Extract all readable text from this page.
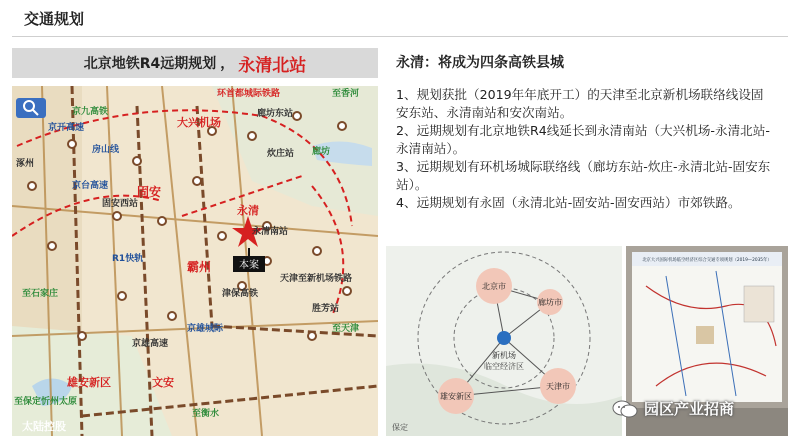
交通规划
北京地铁R4远期规划 ， 永清北站
本案
京九高铁
京开高速
京台高速
京雄城际
房山线
大兴机场
环首都城际铁路
廊坊东站
廊坊
炊庄站
永清
永清南站
固安
固安西站
R1快轨
霸州
津保高铁
天津至新机场铁路
胜芳站
至天津
雄安新区	文安
至石家庄
至保定忻州太原
至衡水
涿州
京雄高速
至香河
太陆控股
永清：将成为四条高铁县城

1、规划获批（2019年年底开工）的天津至北京新机场联络线设固安东站、永清南站和安次南站。

2、远期规划有北京地铁R4线延长到永清南站（大兴机场-永清北站-永清南站）。

3、远期规划有环机场城际联络线（廊坊东站-炊庄-永清北站-固安东站）。

4、远期规划有永固（永清北站-固安站-固安西站）市郊铁路。

北京市
廊坊市
雄安新区
天津市
新机场
临空经济区
保定
北京大兴国际机场临空经济区综合交通专项规划（2019—2035年）
园区产业招商
